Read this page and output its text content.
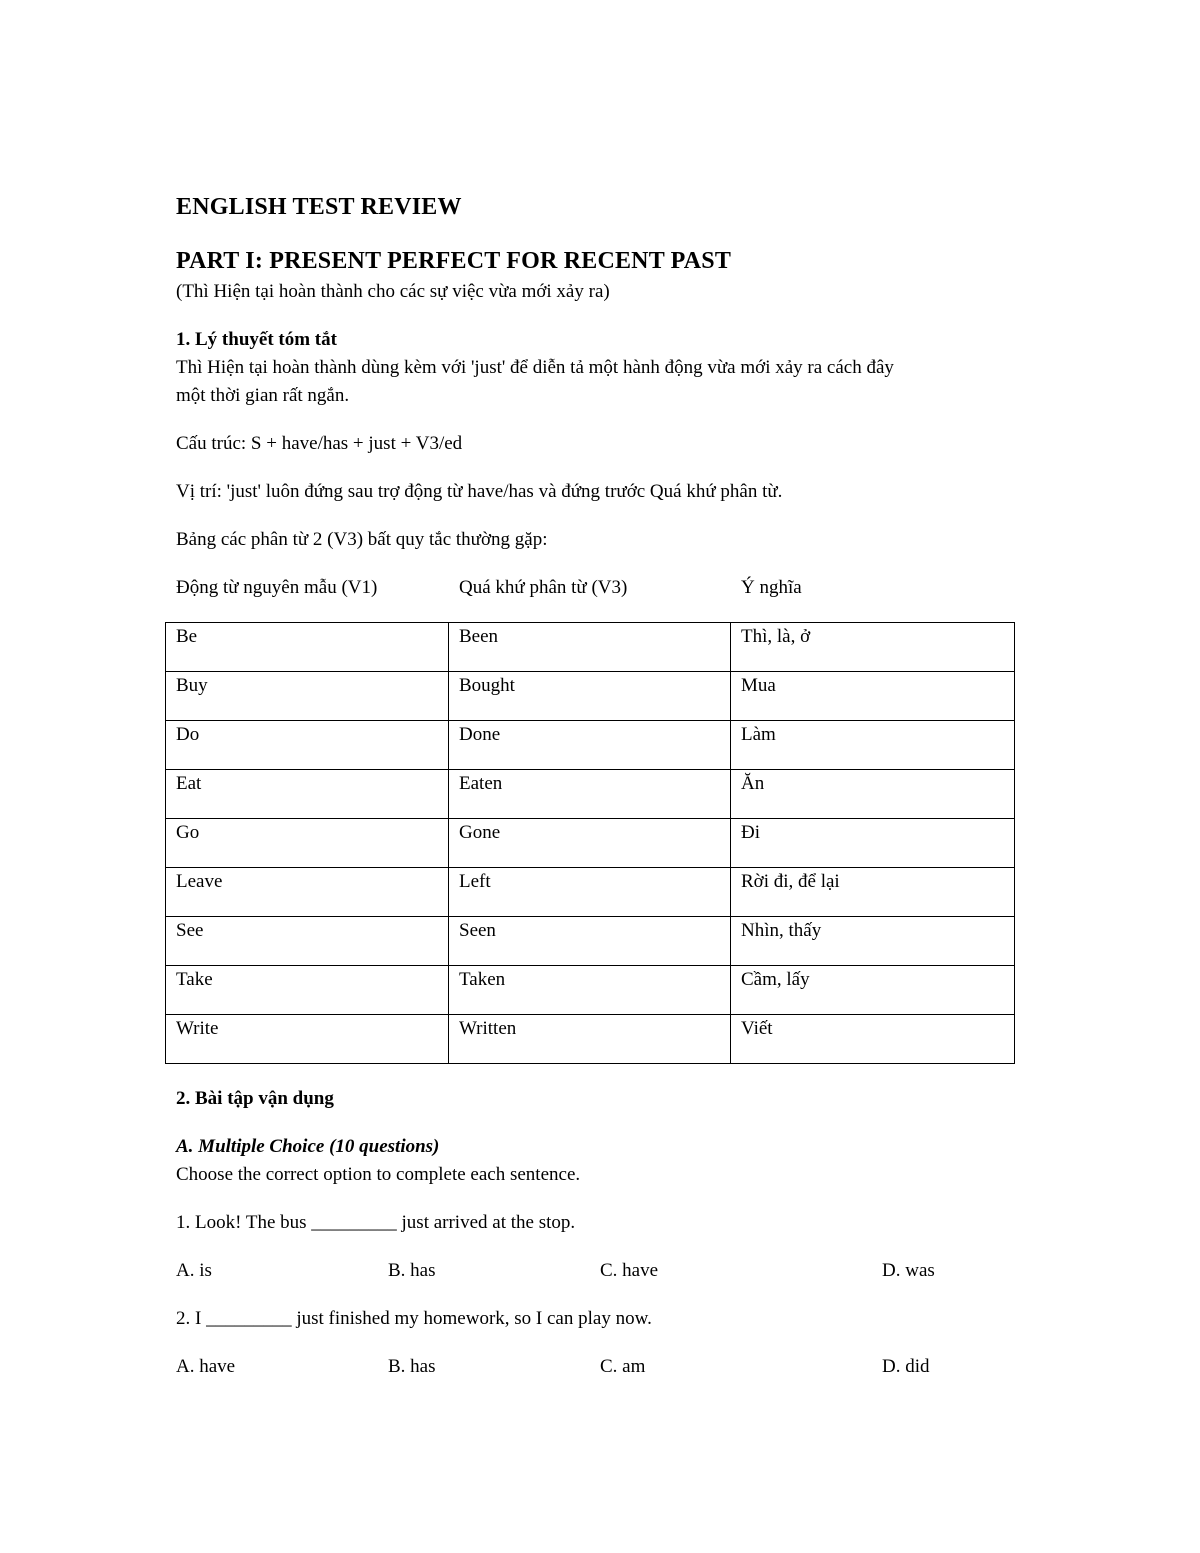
ENGLISH TEST REVIEW
PART I: PRESENT PERFECT FOR RECENT PAST
(Thì Hiện tại hoàn thành cho các sự việc vừa mới xảy ra)
1. Lý thuyết tóm tắt
Thì Hiện tại hoàn thành dùng kèm với 'just' để diễn tả một hành động vừa mới xảy ra cách đây
một thời gian rất ngắn.
Cấu trúc: S + have/has + just + V3/ed
Vị trí: 'just' luôn đứng sau trợ động từ have/has và đứng trước Quá khứ phân từ.
Bảng các phân từ 2 (V3) bất quy tắc thường gặp:
Động từ nguyên mẫu (V1)	Quá khứ phân từ (V3)	Ý nghĩa
Be	Been	Thì, là, ở
Buy	Bought	Mua
Do	Done	Làm
Eat	Eaten	Ăn
Go	Gone	Đi
Leave	Left	Rời đi, để lại
See	Seen	Nhìn, thấy
Take	Taken	Cầm, lấy
Write	Written	Viết
2. Bài tập vận dụng
A. Multiple Choice (10 questions)
Choose the correct option to complete each sentence.
1. Look! The bus _________ just arrived at the stop.
A. is	B. has	C. have	D. was
2. I _________ just finished my homework, so I can play now.
A. have	B. has	C. am	D. did
